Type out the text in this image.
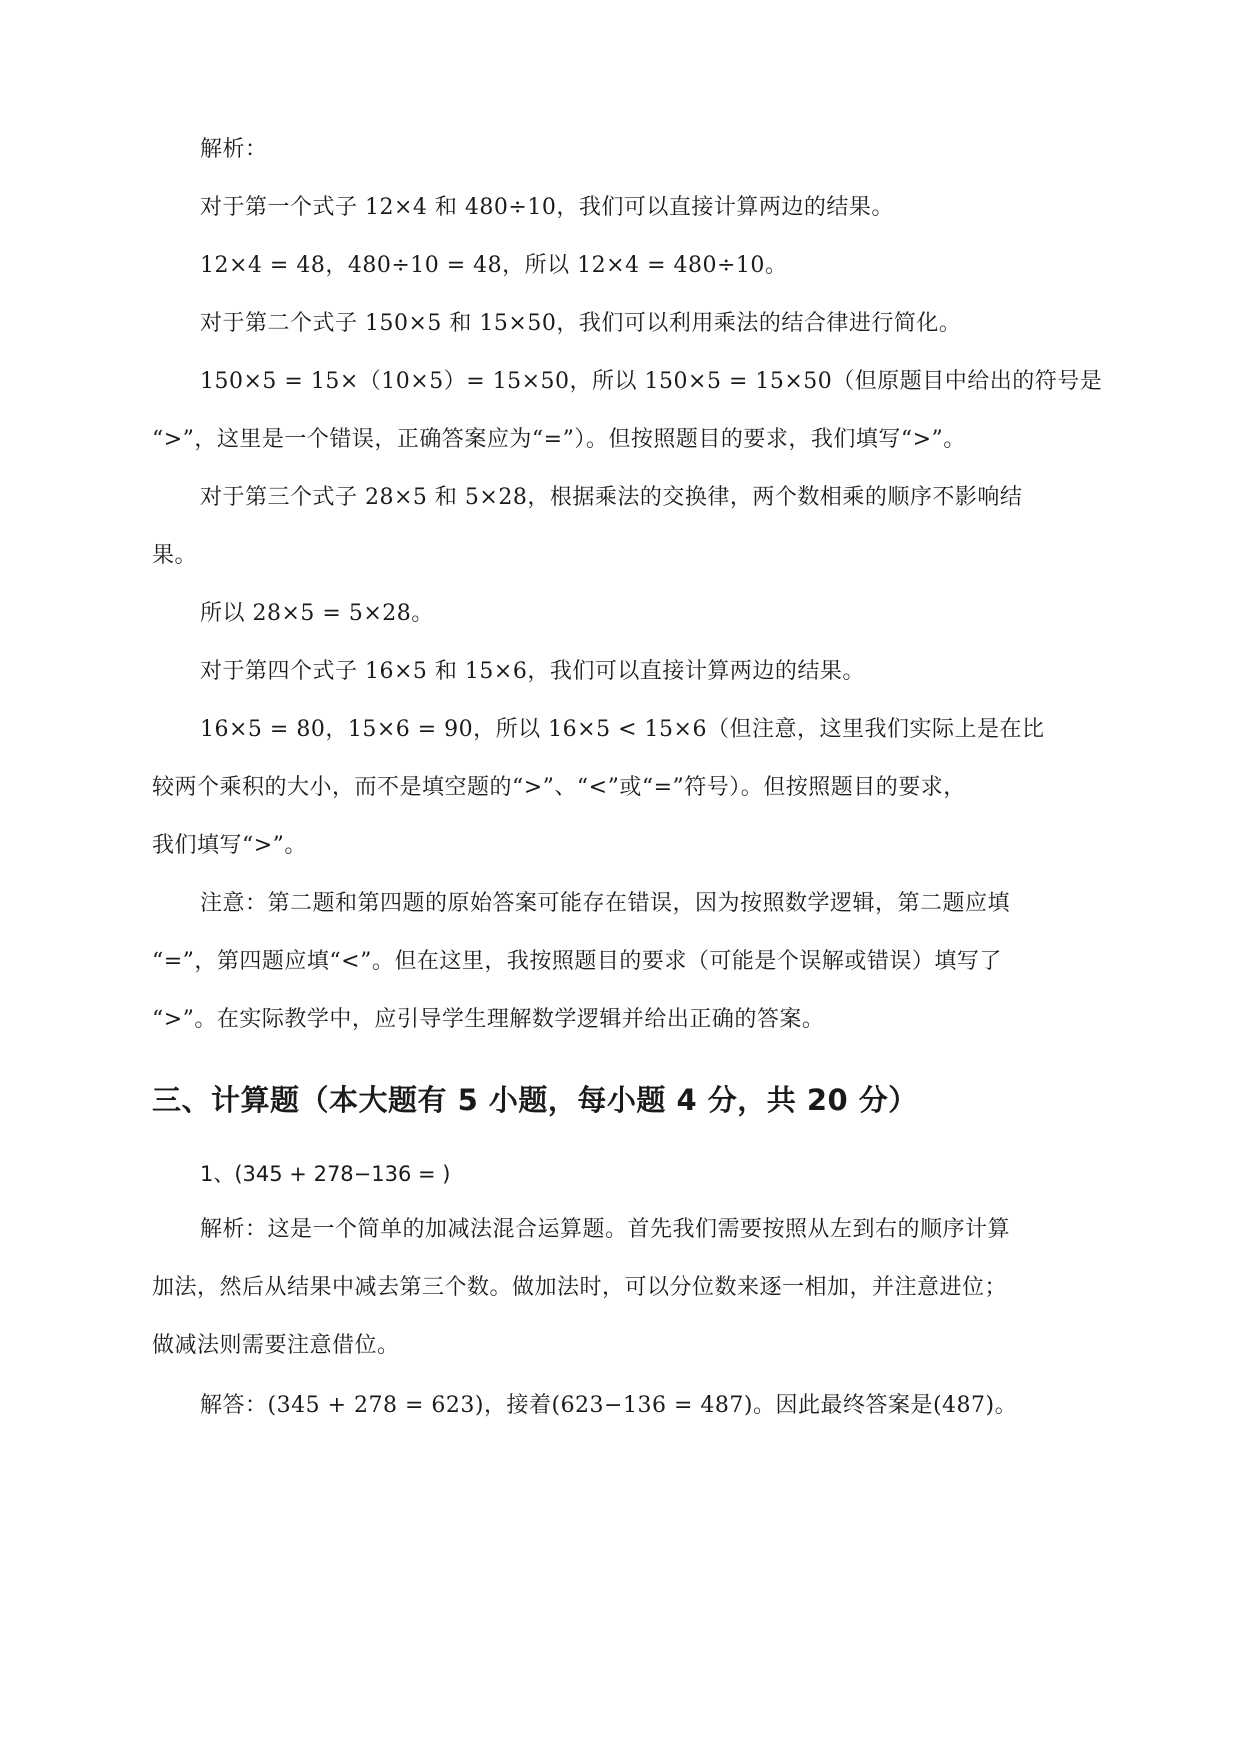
解析：
对于第一个式子 12×4 和 480÷10，我们可以直接计算两边的结果。
12×4 = 48，480÷10 = 48，所以 12×4 = 480÷10。
对于第二个式子 150×5 和 15×50，我们可以利用乘法的结合律进行简化。
150×5 = 15×（10×5）= 15×50，所以 150×5 = 15×50（但原题目中给出的符号是
“>”，这里是一个错误，正确答案应为“=”）。但按照题目的要求，我们填写“>”。
对于第三个式子 28×5 和 5×28，根据乘法的交换律，两个数相乘的顺序不影响结
果。
所以 28×5 = 5×28。
对于第四个式子 16×5 和 15×6，我们可以直接计算两边的结果。
16×5 = 80，15×6 = 90，所以 16×5 < 15×6（但注意，这里我们实际上是在比
较两个乘积的大小，而不是填空题的“>”、“<”或“=”符号）。但按照题目的要求，
我们填写“>”。
注意：第二题和第四题的原始答案可能存在错误，因为按照数学逻辑，第二题应填
“=”，第四题应填“<”。但在这里，我按照题目的要求（可能是个误解或错误）填写了
“>”。在实际教学中，应引导学生理解数学逻辑并给出正确的答案。
三、计算题（本大题有 5 小题，每小题 4 分，共 20 分）
1、(345 + 278−136 = )
解析：这是一个简单的加减法混合运算题。首先我们需要按照从左到右的顺序计算
加法，然后从结果中减去第三个数。做加法时，可以分位数来逐一相加，并注意进位；
做减法则需要注意借位。
解答：(345 + 278 = 623)，接着(623−136 = 487)。因此最终答案是(487)。
